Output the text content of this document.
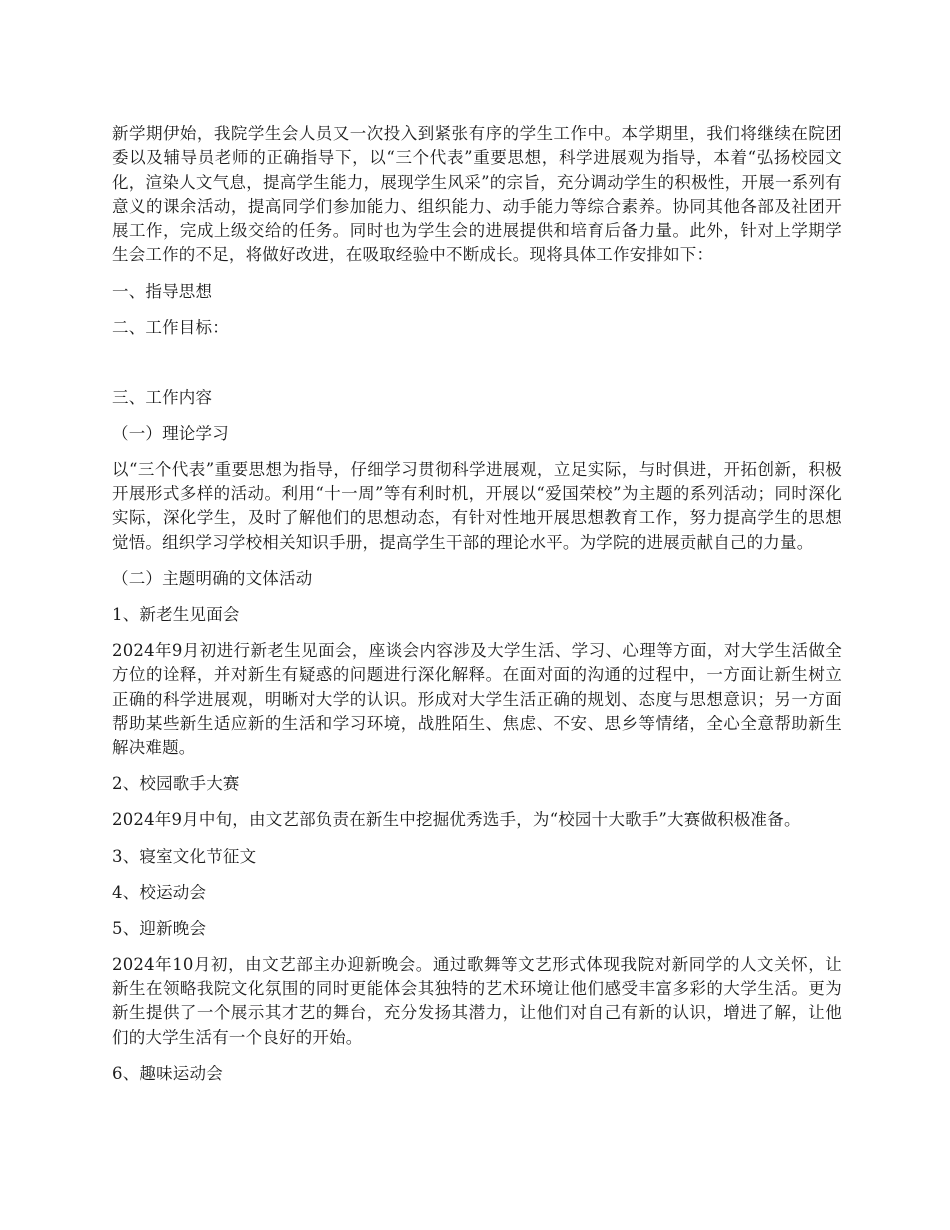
新学期伊始，我院学生会人员又一次投入到紧张有序的学生工作中。本学期里，我们将继续在院团委以及辅导员老师的正确指导下，以“三个代表”重要思想，科学进展观为指导，本着“弘扬校园文化，渲染人文气息，提高学生能力，展现学生风采”的宗旨，充分调动学生的积极性，开展一系列有意义的课余活动，提高同学们参加能力、组织能力、动手能力等综合素养。协同其他各部及社团开展工作，完成上级交给的任务。同时也为学生会的进展提供和培育后备力量。此外，针对上学期学生会工作的不足，将做好改进，在吸取经验中不断成长。现将具体工作安排如下：

一、指导思想

二、工作目标：

三、工作内容

（一）理论学习

以“三个代表”重要思想为指导，仔细学习贯彻科学进展观，立足实际，与时俱进，开拓创新，积极开展形式多样的活动。利用“十一周”等有利时机，开展以“爱国荣校”为主题的系列活动；同时深化实际，深化学生，及时了解他们的思想动态，有针对性地开展思想教育工作，努力提高学生的思想觉悟。组织学习学校相关知识手册，提高学生干部的理论水平。为学院的进展贡献自己的力量。

（二）主题明确的文体活动

1、新老生见面会

2024年9月初进行新老生见面会，座谈会内容涉及大学生活、学习、心理等方面，对大学生活做全方位的诠释，并对新生有疑惑的问题进行深化解释。在面对面的沟通的过程中，一方面让新生树立正确的科学进展观，明晰对大学的认识。形成对大学生活正确的规划、态度与思想意识；另一方面帮助某些新生适应新的生活和学习环境，战胜陌生、焦虑、不安、思乡等情绪，全心全意帮助新生解决难题。

2、校园歌手大赛

2024年9月中旬，由文艺部负责在新生中挖掘优秀选手，为“校园十大歌手”大赛做积极准备。

3、寝室文化节征文

4、校运动会

5、迎新晚会

2024年10月初，由文艺部主办迎新晚会。通过歌舞等文艺形式体现我院对新同学的人文关怀，让新生在领略我院文化氛围的同时更能体会其独特的艺术环境让他们感受丰富多彩的大学生活。更为新生提供了一个展示其才艺的舞台，充分发扬其潜力，让他们对自己有新的认识，增进了解，让他们的大学生活有一个良好的开始。

6、趣味运动会
